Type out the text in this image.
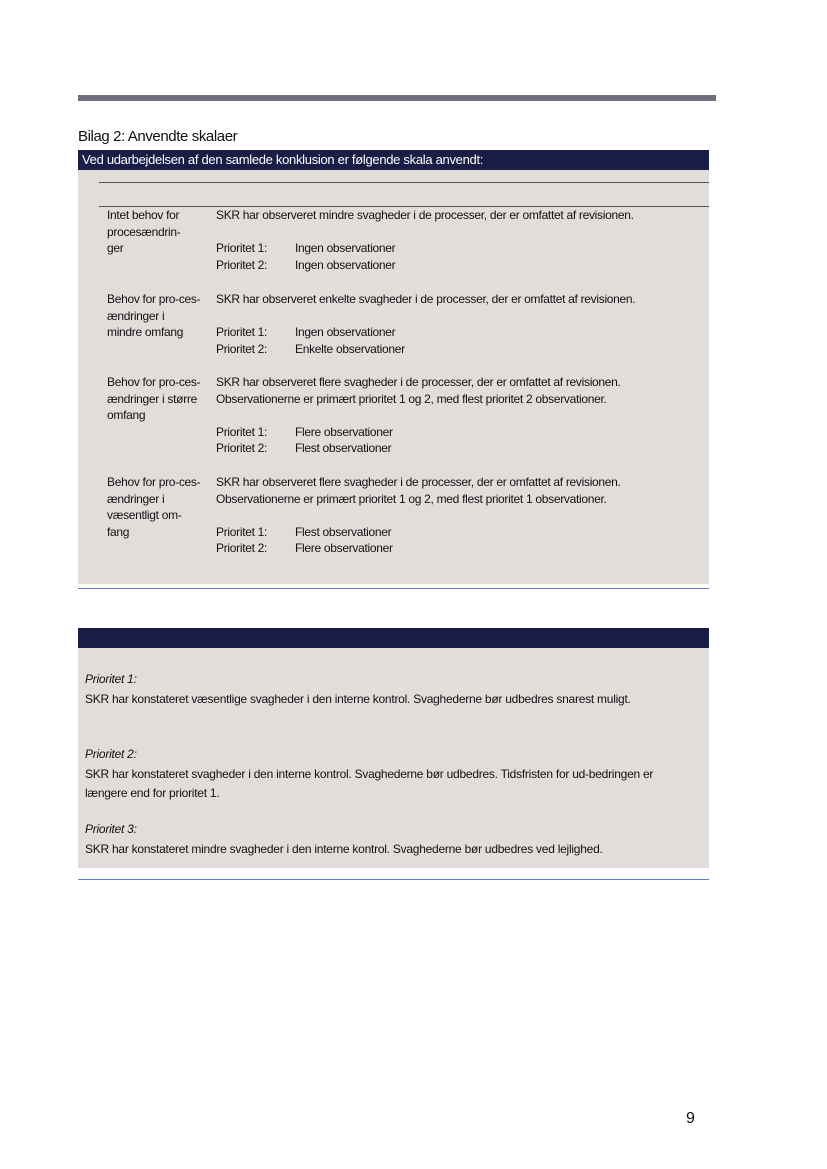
Bilag 2: Anvendte skalaer
Ved udarbejdelsen af den samlede konklusion er følgende skala anvendt:
Intet behov for procesændrin-ger
SKR har observeret mindre svagheder i de processer, der er omfattet af revisionen.
Prioritet 1: Ingen observationer
Prioritet 2: Ingen observationer
Behov for pro-ces- ændringer i mindre omfang
SKR har observeret enkelte svagheder i de processer, der er omfattet af revisionen.
Prioritet 1: Ingen observationer
Prioritet 2: Enkelte observationer
Behov for pro-ces-ændringer i større omfang
SKR har observeret flere svagheder i de processer, der er omfattet af revisionen. Observationerne er primært prioritet 1 og 2, med flest prioritet 2 observationer.
Prioritet 1: Flere observationer
Prioritet 2: Flest observationer
Behov for pro-ces-ændringer i væsentligt om-fang
SKR har observeret flere svagheder i de processer, der er omfattet af revisionen. Observationerne er primært prioritet 1 og 2, med flest prioritet 1 observationer.
Prioritet 1: Flest observationer
Prioritet 2: Flere observationer
Prioritet 1:
SKR har konstateret væsentlige svagheder i den interne kontrol. Svaghederne bør udbedres snarest muligt.
Prioritet 2:
SKR har konstateret svagheder i den interne kontrol. Svaghederne bør udbedres. Tidsfristen for ud-bedringen er længere end for prioritet 1.
Prioritet 3:
SKR har konstateret mindre svagheder i den interne kontrol. Svaghederne bør udbedres ved lejlighed.
9
